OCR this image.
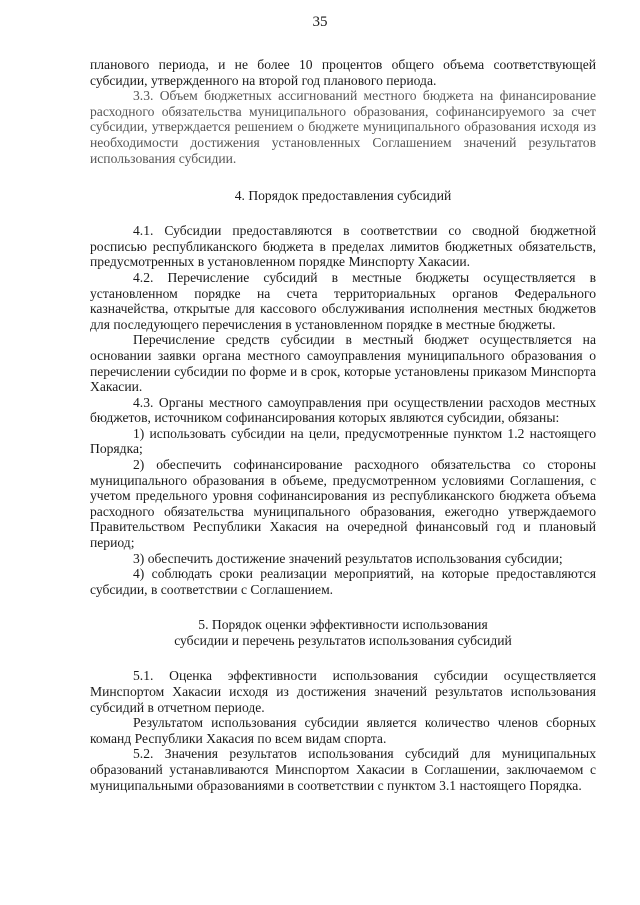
35

планового периода, и не более 10 процентов общего объема соответствующей субсидии, утвержденного на второй год планового периода.

3.3. Объем бюджетных ассигнований местного бюджета на финансирование расходного обязательства муниципального образования, софинансируемого за счет субсидии, утверждается решением о бюджете муниципального образования исходя из необходимости достижения установленных Соглашением значений результатов использования субсидии.

4. Порядок предоставления субсидий

4.1. Субсидии предоставляются в соответствии со сводной бюджетной росписью республиканского бюджета в пределах лимитов бюджетных обязательств, предусмотренных в установленном порядке Минспорту Хакасии.

4.2. Перечисление субсидий в местные бюджеты осуществляется в установленном порядке на счета территориальных органов Федерального казначейства, открытые для кассового обслуживания исполнения местных бюджетов для последующего перечисления в установленном порядке в местные бюджеты.

Перечисление средств субсидии в местный бюджет осуществляется на основании заявки органа местного самоуправления муниципального образования о перечислении субсидии по форме и в срок, которые установлены приказом Минспорта Хакасии.

4.3. Органы местного самоуправления при осуществлении расходов местных бюджетов, источником софинансирования которых являются субсидии, обязаны:

1) использовать субсидии на цели, предусмотренные пунктом 1.2 настоящего Порядка;

2) обеспечить софинансирование расходного обязательства со стороны муниципального образования в объеме, предусмотренном условиями Соглашения, с учетом предельного уровня софинансирования из республиканского бюджета объема расходного обязательства муниципального образования, ежегодно утверждаемого Правительством Республики Хакасия на очередной финансовый год и плановый период;

3) обеспечить достижение значений результатов использования субсидии;

4) соблюдать сроки реализации мероприятий, на которые предоставляются субсидии, в соответствии с Соглашением.

5. Порядок оценки эффективности использования
субсидии и перечень результатов использования субсидий

5.1. Оценка эффективности использования субсидии осуществляется Минспортом Хакасии исходя из достижения значений результатов использования субсидий в отчетном периоде.

Результатом использования субсидии является количество членов сборных команд Республики Хакасия по всем видам спорта.

5.2. Значения результатов использования субсидий для муниципальных образований устанавливаются Минспортом Хакасии в Соглашении, заключаемом с муниципальными образованиями в соответствии с пунктом 3.1 настоящего Порядка.
